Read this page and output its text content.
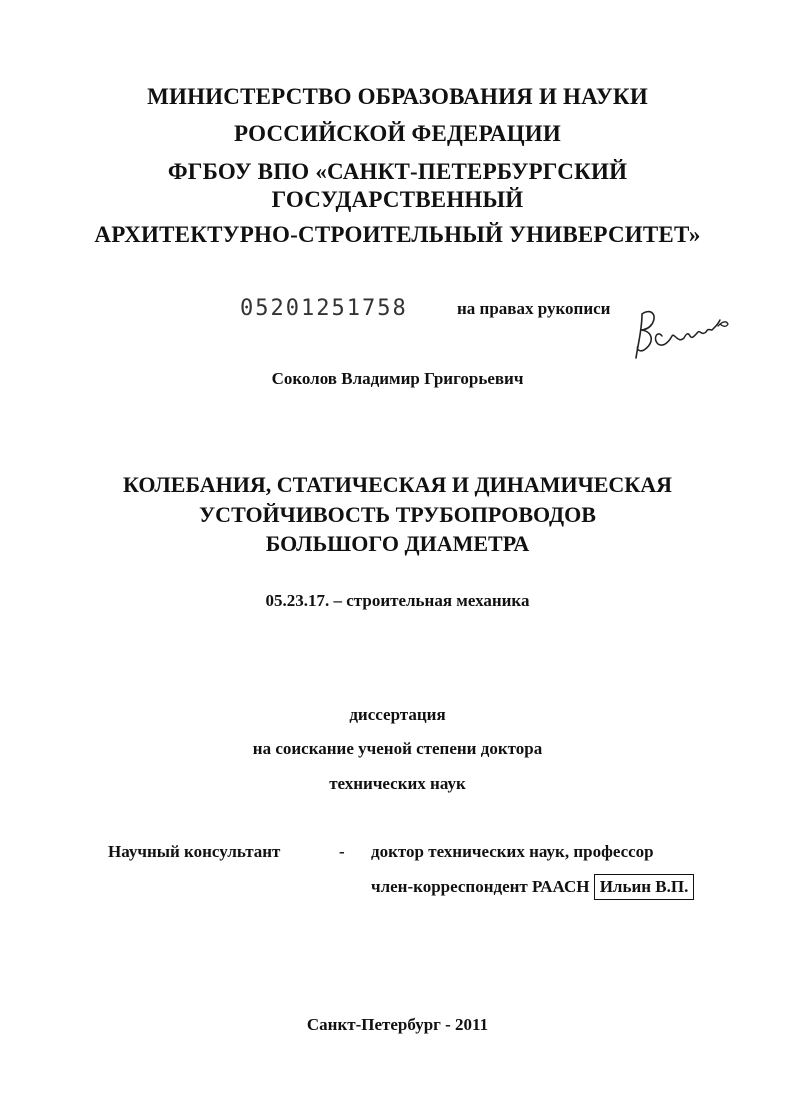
МИНИСТЕРСТВО ОБРАЗОВАНИЯ И НАУКИ
РОССИЙСКОЙ ФЕДЕРАЦИИ
ФГБОУ ВПО «САНКТ-ПЕТЕРБУРГСКИЙ
ГОСУДАРСТВЕННЫЙ
АРХИТЕКТУРНО-СТРОИТЕЛЬНЫЙ УНИВЕРСИТЕТ»
05201251758	на правах рукописи
Соколов Владимир Григорьевич
КОЛЕБАНИЯ, СТАТИЧЕСКАЯ И ДИНАМИЧЕСКАЯ
УСТОЙЧИВОСТЬ ТРУБОПРОВОДОВ
БОЛЬШОГО ДИАМЕТРА
05.23.17. – строительная механика
диссертация
на соискание ученой степени доктора
технических наук
Научный консультант	- доктор технических наук, профессор
член-корреспондент РААСН Ильин В.П.
Санкт-Петербург - 2011
